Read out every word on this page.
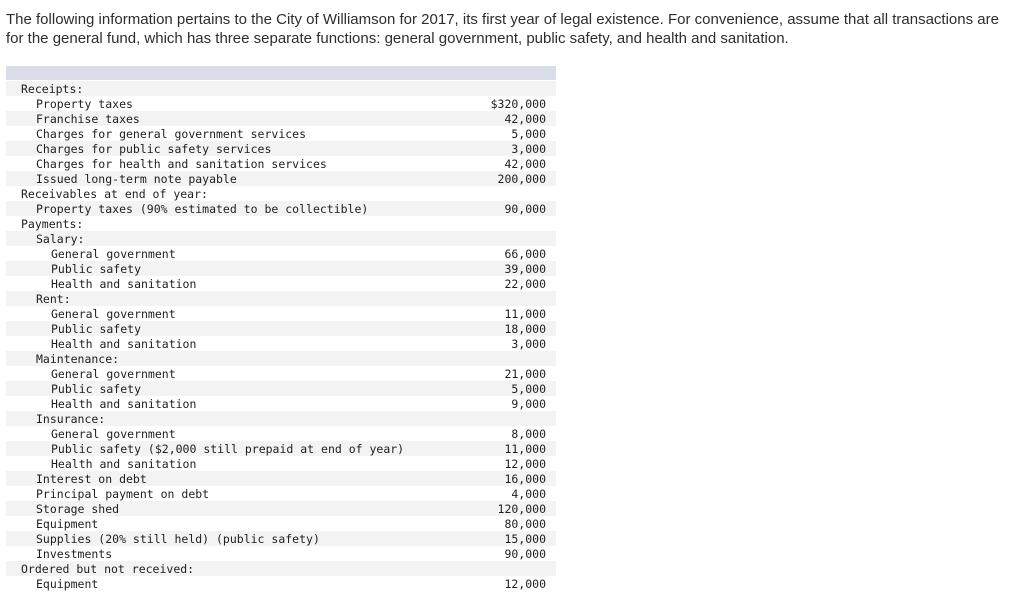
The following information pertains to the City of Williamson for 2017, its first year of legal existence. For convenience, assume that all transactions are for the general fund, which has three separate functions: general government, public safety, and health and sanitation.

Receipts:
Property taxes	$320,000
Franchise taxes	42,000
Charges for general government services	5,000
Charges for public safety services	3,000
Charges for health and sanitation services	42,000
Issued long-term note payable	200,000
Receivables at end of year:
Property taxes (90% estimated to be collectible)	90,000
Payments:
Salary:
General government	66,000
Public safety	39,000
Health and sanitation	22,000
Rent:
General government	11,000
Public safety	18,000
Health and sanitation	3,000
Maintenance:
General government	21,000
Public safety	5,000
Health and sanitation	9,000
Insurance:
General government	8,000
Public safety ($2,000 still prepaid at end of year)	11,000
Health and sanitation	12,000
Interest on debt	16,000
Principal payment on debt	4,000
Storage shed	120,000
Equipment	80,000
Supplies (20% still held) (public safety)	15,000
Investments	90,000
Ordered but not received:
Equipment	12,000
